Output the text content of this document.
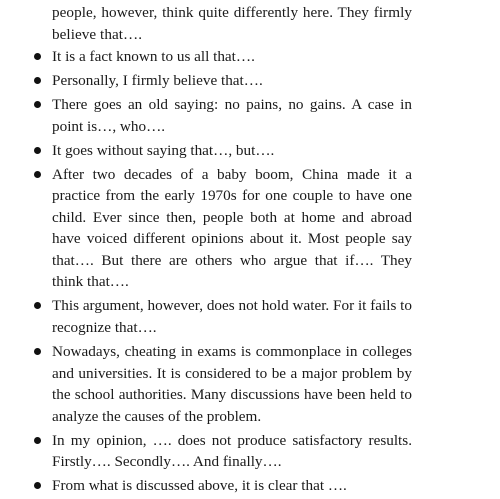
people, however, think quite differently here. They firmly believe that….

It is a fact known to us all that….
Personally, I firmly believe that….
There goes an old saying: no pains, no gains. A case in point is…, who….
It goes without saying that…, but….
After two decades of a baby boom, China made it a practice from the early 1970s for one couple to have one child. Ever since then, people both at home and abroad have voiced different opinions about it. Most people say that…. But there are others who argue that if…. They think that….
This argument, however, does not hold water. For it fails to recognize that….
Nowadays, cheating in exams is commonplace in colleges and universities. It is considered to be a major problem by the school authorities. Many discussions have been held to analyze the causes of the problem.
In my opinion, …. does not produce satisfactory results. Firstly…. Secondly…. And finally….
From what is discussed above, it is clear that ….
